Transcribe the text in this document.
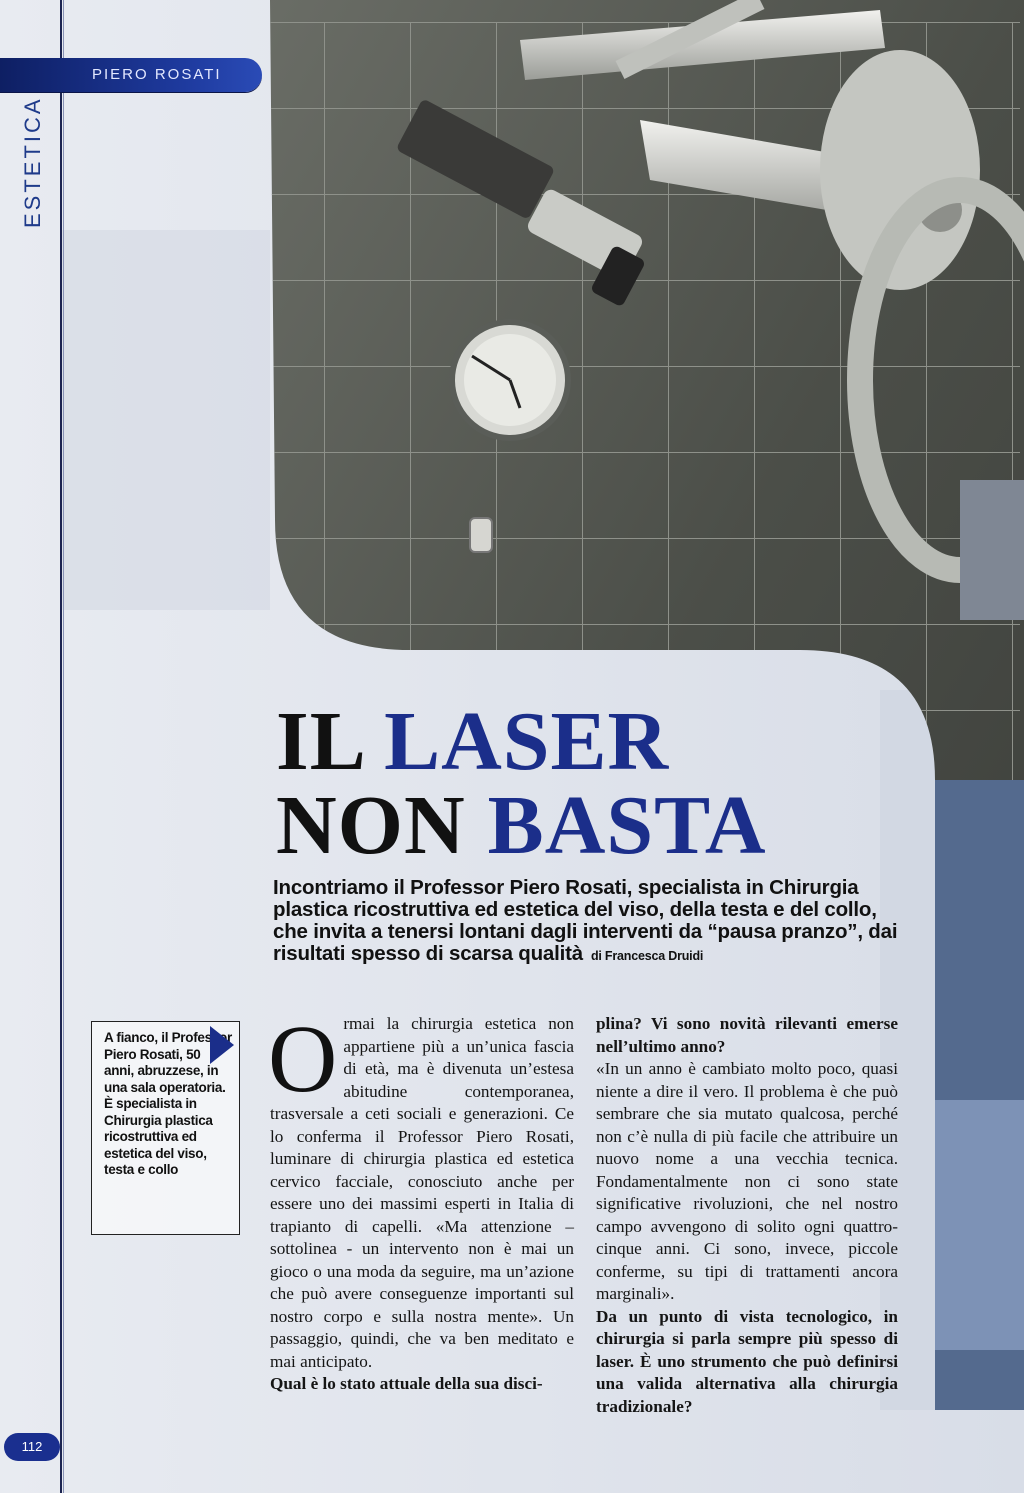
PIERO ROSATI
ESTETICA
IL LASER
NON BASTA
Incontriamo il Professor Piero Rosati, specialista in Chirurgia plastica ricostruttiva ed estetica del viso, della testa e del collo, che invita a tenersi lontani dagli interventi da “pausa pranzo”, dai risultati spesso di scarsa qualità di Francesca Druidi
A fianco, il Professor Piero Rosati, 50 anni, abruzzese, in una sala operatoria. È specialista in Chirurgia plastica ricostruttiva ed estetica del viso, testa e collo
O rmai la chirurgia estetica non appartiene più a un’unica fascia di età, ma è divenuta un’estesa abitudine contemporanea, trasversale a ceti sociali e generazioni. Ce lo conferma il Professor Piero Rosati, luminare di chirurgia plastica ed estetica cervico facciale, conosciuto anche per essere uno dei massimi esperti in Italia di trapianto di capelli. «Ma attenzione – sottolinea - un intervento non è mai un gioco o una moda da seguire, ma un’azione che può avere conseguenze importanti sul nostro corpo e sulla nostra mente». Un passaggio, quindi, che va ben meditato e mai anticipato.

Qual è lo stato attuale della sua disci-

plina? Vi sono novità rilevanti emerse nell’ultimo anno?

«In un anno è cambiato molto poco, quasi niente a dire il vero. Il problema è che può sembrare che sia mutato qualcosa, perché non c’è nulla di più facile che attribuire un nuovo nome a una vecchia tecnica. Fondamentalmente non ci sono state significative rivoluzioni, che nel nostro campo avvengono di solito ogni quattro-cinque anni. Ci sono, invece, piccole conferme, su tipi di trattamenti ancora marginali».

Da un punto di vista tecnologico, in chirurgia si parla sempre più spesso di laser. È uno strumento che può definirsi una valida alternativa alla chirurgia tradizionale?

112
